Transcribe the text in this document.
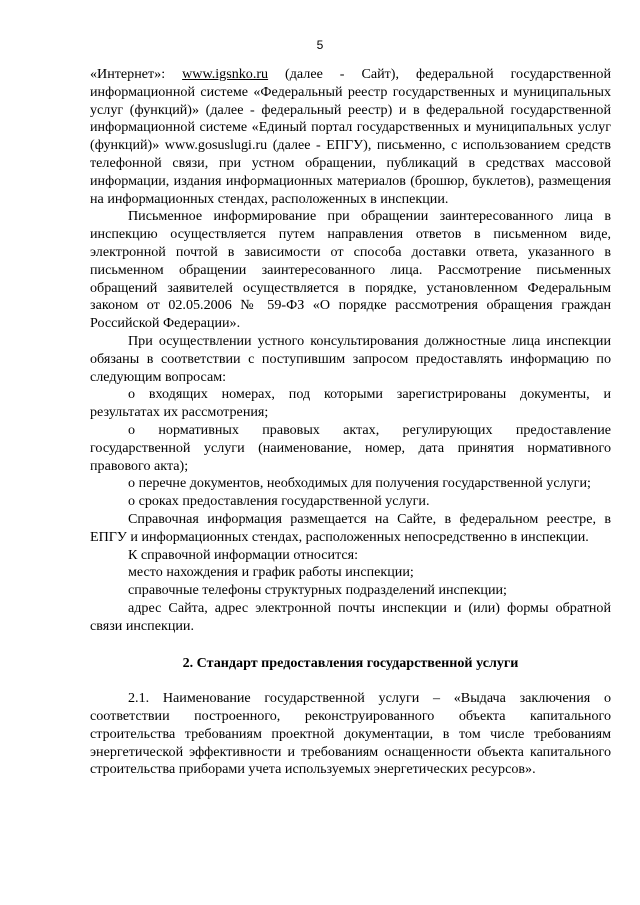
5

«Интернет»: www.igsnko.ru (далее - Сайт), федеральной государственной информационной системе «Федеральный реестр государственных и муниципальных услуг (функций)» (далее - федеральный реестр) и в федеральной государственной информационной системе «Единый портал государственных и муниципальных услуг (функций)» www.gosuslugi.ru (далее - ЕПГУ), письменно, с использованием средств телефонной связи, при устном обращении, публикаций в средствах массовой информации, издания информационных материалов (брошюр, буклетов), размещения на информационных стендах, расположенных в инспекции.

Письменное информирование при обращении заинтересованного лица в инспекцию осуществляется путем направления ответов в письменном виде, электронной почтой в зависимости от способа доставки ответа, указанного в письменном обращении заинтересованного лица. Рассмотрение письменных обращений заявителей осуществляется в порядке, установленном Федеральным законом от 02.05.2006 № 59-ФЗ «О порядке рассмотрения обращения граждан Российской Федерации».

При осуществлении устного консультирования должностные лица инспекции обязаны в соответствии с поступившим запросом предоставлять информацию по следующим вопросам:

о входящих номерах, под которыми зарегистрированы документы, и результатах их рассмотрения;

о нормативных правовых актах, регулирующих предоставление государственной услуги (наименование, номер, дата принятия нормативного правового акта);

о перечне документов, необходимых для получения государственной услуги;

о сроках предоставления государственной услуги.

Справочная информация размещается на Сайте, в федеральном реестре, в ЕПГУ и информационных стендах, расположенных непосредственно в инспекции.

К справочной информации относится:

место нахождения и график работы инспекции;

справочные телефоны структурных подразделений инспекции;

адрес Сайта, адрес электронной почты инспекции и (или) формы обратной связи инспекции.

2. Стандарт предоставления государственной услуги

2.1. Наименование государственной услуги – «Выдача заключения о соответствии построенного, реконструированного объекта капитального строительства требованиям проектной документации, в том числе требованиям энергетической эффективности и требованиям оснащенности объекта капитального строительства приборами учета используемых энергетических ресурсов».
